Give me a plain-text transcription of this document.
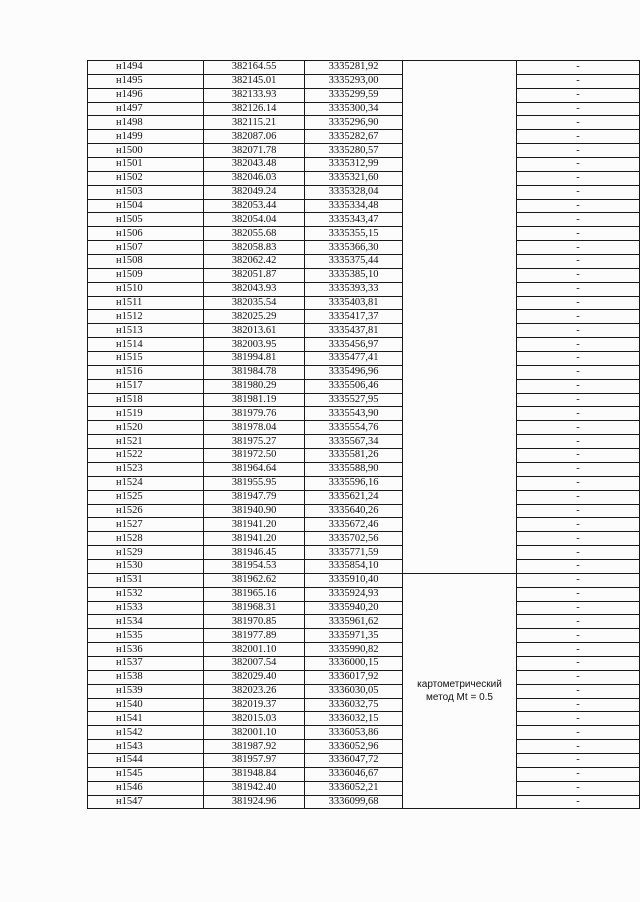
н1494	382164.55	3335281,92		-
н1495	382145.01	3335293,00		-
н1496	382133.93	3335299,59		-
н1497	382126.14	3335300,34		-
н1498	382115.21	3335296,90		-
н1499	382087.06	3335282,67		-
н1500	382071.78	3335280,57		-
н1501	382043.48	3335312,99		-
н1502	382046.03	3335321,60		-
н1503	382049.24	3335328,04		-
н1504	382053.44	3335334,48		-
н1505	382054.04	3335343,47		-
н1506	382055.68	3335355,15		-
н1507	382058.83	3335366,30		-
н1508	382062.42	3335375,44		-
н1509	382051.87	3335385,10		-
н1510	382043.93	3335393,33		-
н1511	382035.54	3335403,81		-
н1512	382025.29	3335417,37		-
н1513	382013.61	3335437,81		-
н1514	382003.95	3335456,97		-
н1515	381994.81	3335477,41		-
н1516	381984.78	3335496,96		-
н1517	381980.29	3335506,46		-
н1518	381981.19	3335527,95		-
н1519	381979.76	3335543,90		-
н1520	381978.04	3335554,76		-
н1521	381975.27	3335567,34		-
н1522	381972.50	3335581,26		-
н1523	381964.64	3335588,90		-
н1524	381955.95	3335596,16		-
н1525	381947.79	3335621,24		-
н1526	381940.90	3335640,26		-
н1527	381941.20	3335672,46		-
н1528	381941.20	3335702,56		-
н1529	381946.45	3335771,59		-
н1530	381954.53	3335854,10		-
н1531	381962.62	3335910,40	картометрический
метод Mt = 0.5	-
н1532	381965.16	3335924,93		-
н1533	381968.31	3335940,20		-
н1534	381970.85	3335961,62		-
н1535	381977.89	3335971,35		-
н1536	382001.10	3335990,82		-
н1537	382007.54	3336000,15		-
н1538	382029.40	3336017,92		-
н1539	382023.26	3336030,05		-
н1540	382019.37	3336032,75		-
н1541	382015.03	3336032,15		-
н1542	382001.10	3336053,86		-
н1543	381987.92	3336052,96		-
н1544	381957.97	3336047,72		-
н1545	381948.84	3336046,67		-
н1546	381942.40	3336052,21		-
н1547	381924.96	3336099,68		-
